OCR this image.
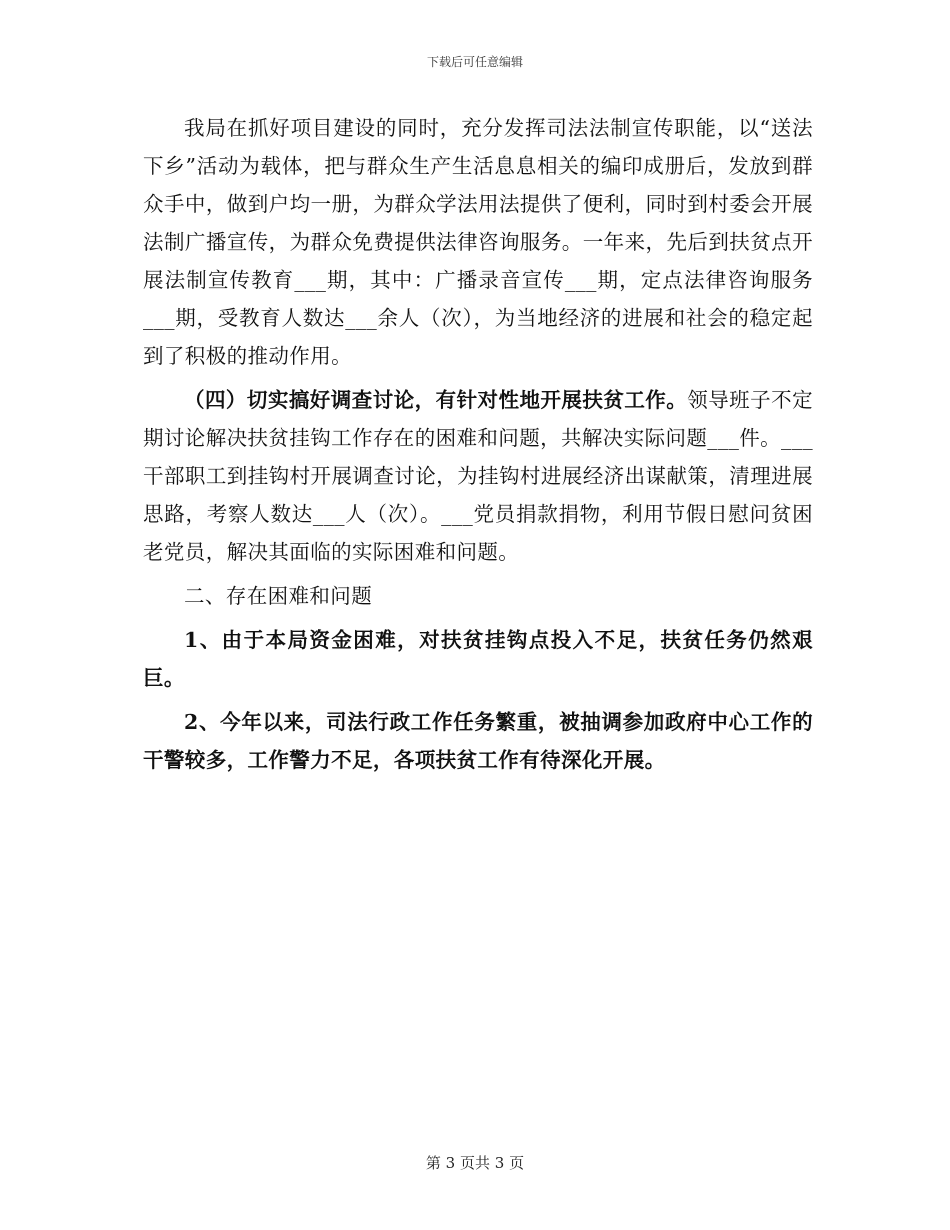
下载后可任意编辑

我局在抓好项目建设的同时，充分发挥司法法制宣传职能，以“送法下乡”活动为载体，把与群众生产生活息息相关的编印成册后，发放到群众手中，做到户均一册，为群众学法用法提供了便利，同时到村委会开展法制广播宣传，为群众免费提供法律咨询服务。一年来，先后到扶贫点开展法制宣传教育___期，其中：广播录音宣传___期，定点法律咨询服务___期，受教育人数达___余人（次），为当地经济的进展和社会的稳定起到了积极的推动作用。

（四）切实搞好调查讨论，有针对性地开展扶贫工作。领导班子不定期讨论解决扶贫挂钩工作存在的困难和问题，共解决实际问题___件。___干部职工到挂钩村开展调查讨论，为挂钩村进展经济出谋献策，清理进展思路，考察人数达___人（次）。___党员捐款捐物，利用节假日慰问贫困老党员，解决其面临的实际困难和问题。

二、存在困难和问题

1、由于本局资金困难，对扶贫挂钩点投入不足，扶贫任务仍然艰巨。

2、今年以来，司法行政工作任务繁重，被抽调参加政府中心工作的干警较多，工作警力不足，各项扶贫工作有待深化开展。

第 3 页共 3 页
